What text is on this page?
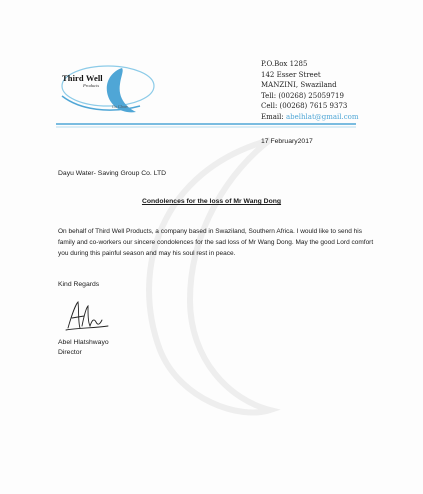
Third Well
Products
Go Clean
P.O.Box 1285
142 Esser Street
MANZINI, Swaziland
Tell: (00268) 25059719
Cell: (00268) 7615 9373
Email: abelhlat@gmail.com
17 February2017
Dayu Water- Saving Group Co. LTD
Condolences for the loss of Mr Wang Dong
On behalf of Third Well Products, a company based in Swaziland, Southern Africa. I would like to send his family and co-workers our sincere condolences for the sad loss of Mr Wang Dong. May the good Lord comfort you during this painful season and may his soul rest in peace.
Kind Regards
Abel Hlatshwayo
Director
